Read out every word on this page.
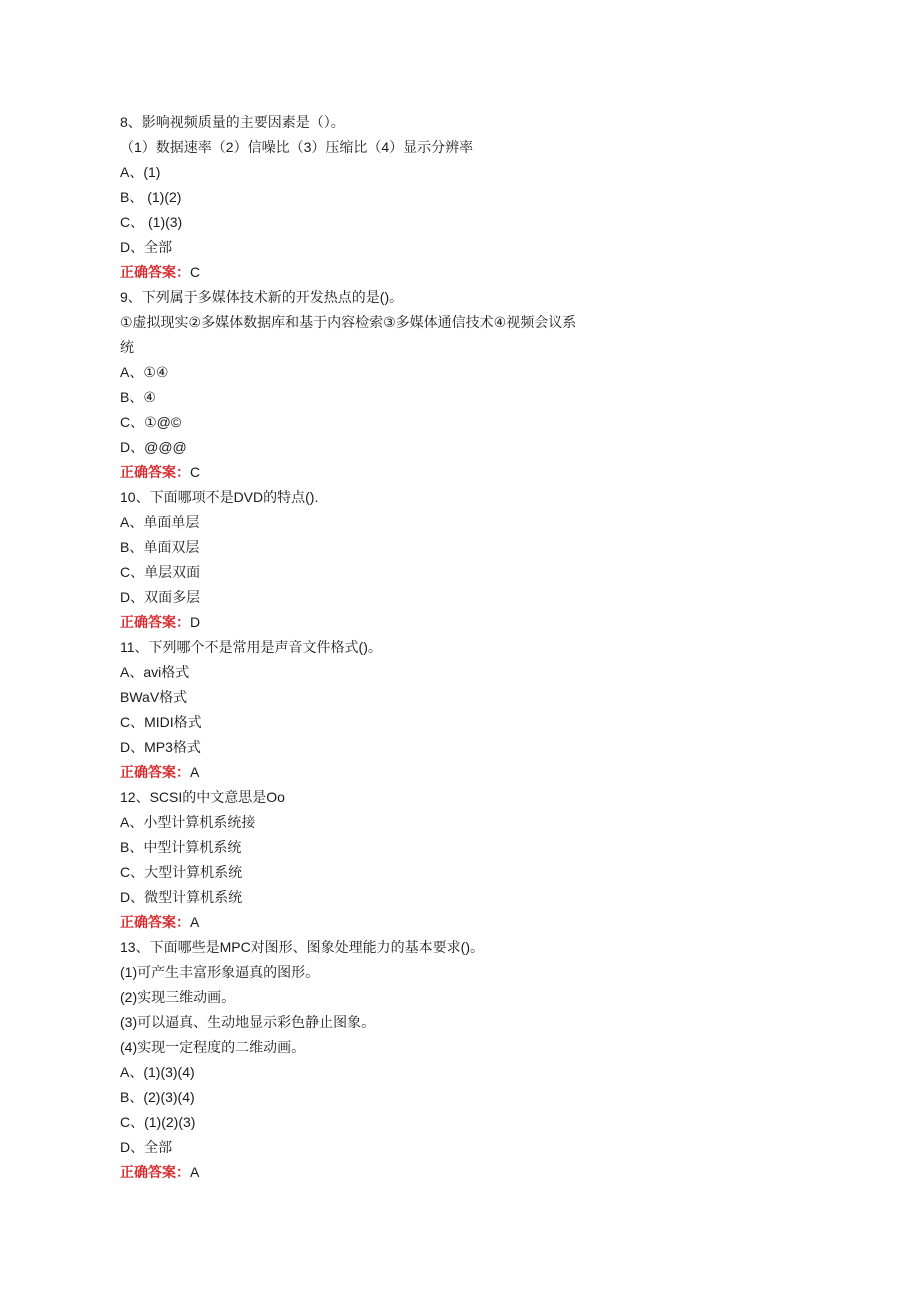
8、影响视频质量的主要因素是（）。
（1）数据速率（2）信噪比（3）压缩比（4）显示分辨率
A、(1)
B、 (1)(2)
C、 (1)(3)
D、全部
正确答案：C
9、下列属于多媒体技术新的开发热点的是()。
①虚拟现实②多媒体数据库和基于内容检索③多媒体通信技术④视频会议系
统
A、①④
B、④
C、①@©
D、@@@
正确答案：C
10、下面哪项不是DVD的特点().
A、单面单层
B、单面双层
C、单层双面
D、双面多层
正确答案：D
11、下列哪个不是常用是声音文件格式()。
A、avi格式
BWaV格式
C、MIDI格式
D、MP3格式
正确答案：A
12、SCSI的中文意思是Oo
A、小型计算机系统接
B、中型计算机系统
C、大型计算机系统
D、微型计算机系统
正确答案：A
13、下面哪些是MPC对图形、图象处理能力的基本要求()。
(1)可产生丰富形象逼真的图形。
(2)实现三维动画。
(3)可以逼真、生动地显示彩色静止图象。
(4)实现一定程度的二维动画。
A、(1)(3)(4)
B、(2)(3)(4)
C、(1)(2)(3)
D、全部
正确答案：A
